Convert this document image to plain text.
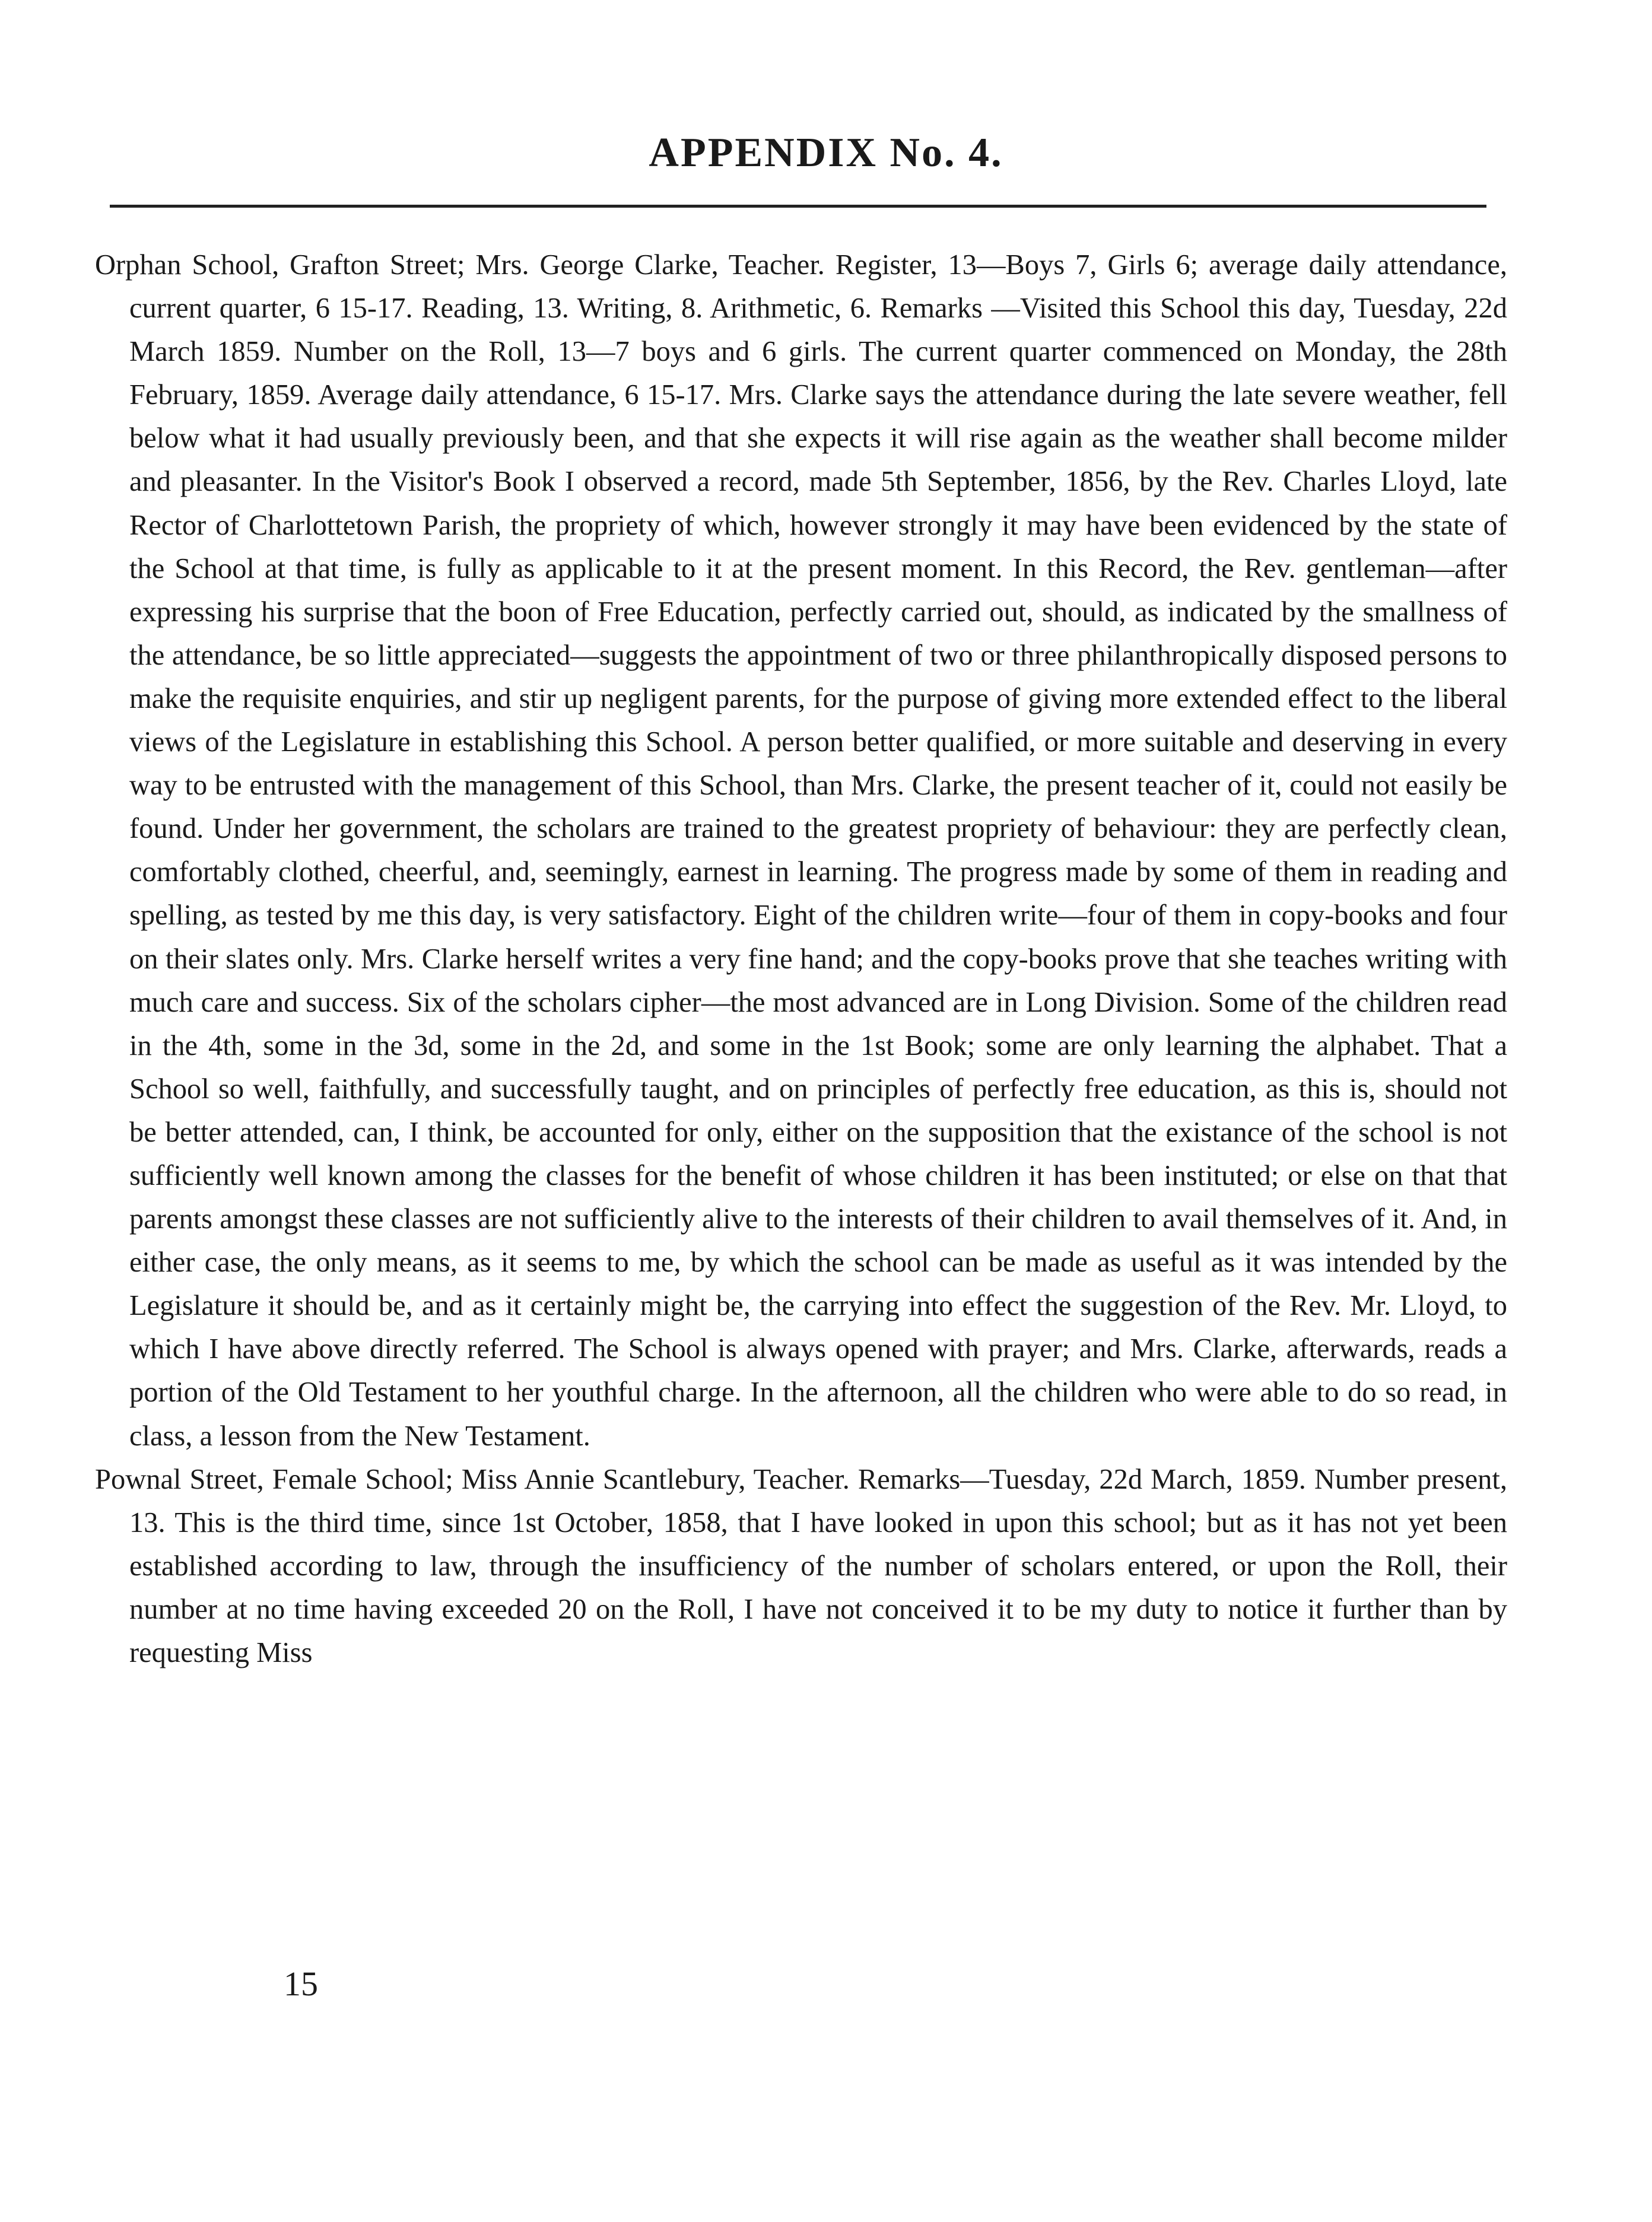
APPENDIX No. 4.

Orphan School, Grafton Street; Mrs. George Clarke, Teacher. Register, 13—Boys 7, Girls 6; average daily attendance, current quarter, 6 15-17. Reading, 13. Writing, 8. Arithmetic, 6. Remarks —Visited this School this day, Tuesday, 22d March 1859. Number on the Roll, 13—7 boys and 6 girls. The current quarter commenced on Monday, the 28th February, 1859. Average daily attendance, 6 15-17. Mrs. Clarke says the attendance during the late severe weather, fell below what it had usually previously been, and that she expects it will rise again as the weather shall become milder and pleasanter. In the Visitor's Book I observed a record, made 5th September, 1856, by the Rev. Charles Lloyd, late Rector of Charlottetown Parish, the propriety of which, however strongly it may have been evidenced by the state of the School at that time, is fully as applicable to it at the present moment. In this Record, the Rev. gentleman—after expressing his surprise that the boon of Free Education, perfectly carried out, should, as indicated by the smallness of the attendance, be so little appreciated—suggests the appointment of two or three philanthropically disposed persons to make the requisite enquiries, and stir up negligent parents, for the purpose of giving more extended effect to the liberal views of the Legislature in establishing this School. A person better qualified, or more suitable and deserving in every way to be entrusted with the management of this School, than Mrs. Clarke, the present teacher of it, could not easily be found. Under her government, the scholars are trained to the greatest propriety of behaviour: they are perfectly clean, comfortably clothed, cheerful, and, seemingly, earnest in learning. The progress made by some of them in reading and spelling, as tested by me this day, is very satisfactory. Eight of the children write—four of them in copy-books and four on their slates only. Mrs. Clarke herself writes a very fine hand; and the copy-books prove that she teaches writing with much care and success. Six of the scholars cipher—the most advanced are in Long Division. Some of the children read in the 4th, some in the 3d, some in the 2d, and some in the 1st Book; some are only learning the alphabet. That a School so well, faithfully, and successfully taught, and on principles of perfectly free education, as this is, should not be better attended, can, I think, be accounted for only, either on the supposition that the existance of the school is not sufficiently well known among the classes for the benefit of whose children it has been instituted; or else on that that parents amongst these classes are not sufficiently alive to the interests of their children to avail themselves of it. And, in either case, the only means, as it seems to me, by which the school can be made as useful as it was intended by the Legislature it should be, and as it certainly might be, the carrying into effect the suggestion of the Rev. Mr. Lloyd, to which I have above directly referred. The School is always opened with prayer; and Mrs. Clarke, afterwards, reads a portion of the Old Testament to her youthful charge. In the afternoon, all the children who were able to do so read, in class, a lesson from the New Testament.

Pownal Street, Female School; Miss Annie Scantlebury, Teacher. Remarks—Tuesday, 22d March, 1859. Number present, 13. This is the third time, since 1st October, 1858, that I have looked in upon this school; but as it has not yet been established according to law, through the insufficiency of the number of scholars entered, or upon the Roll, their number at no time having exceeded 20 on the Roll, I have not conceived it to be my duty to notice it further than by requesting Miss

15
